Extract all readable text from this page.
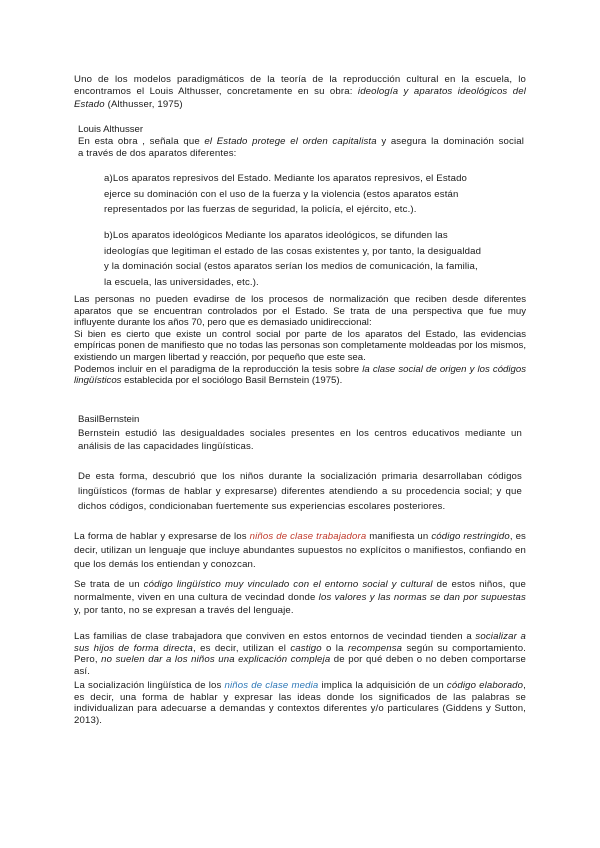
Uno de los modelos paradigmáticos de la teoría de la reproducción cultural en la escuela, lo
encontramos el Louis Althusser, concretamente en su obra: ideología y aparatos ideológicos del
Estado (Althusser, 1975)
Louis Althusser
En esta obra , señala que el Estado protege el orden capitalista y asegura la dominación social
a través de dos aparatos diferentes:
a)Los aparatos represivos del Estado. Mediante los aparatos represivos, el Estado
ejerce su dominación con el uso de la fuerza y la violencia (estos aparatos están
representados por las fuerzas de seguridad, la policía, el ejército, etc.).
b)Los aparatos ideológicos Mediante los aparatos ideológicos, se difunden las
ideologías que legitiman el estado de las cosas existentes y, por tanto, la desigualdad
y la dominación social (estos aparatos serían los medios de comunicación, la familia,
la escuela, las universidades, etc.).

Las personas no pueden evadirse de los procesos de normalización que reciben desde diferentes aparatos que se encuentran controlados por el Estado. Se trata de una perspectiva que fue muy influyente durante los años 70, pero que es demasiado unidireccional:

Si bien es cierto que existe un control social por parte de los aparatos del Estado, las evidencias empíricas ponen de manifiesto que no todas las personas son completamente moldeadas por los mismos, existiendo un margen libertad y reacción, por pequeño que este sea.

Podemos incluir en el paradigma de la reproducción la tesis sobre la clase social de origen y los códigos lingüísticos establecida por el sociólogo Basil Bernstein (1975).

BasilBernstein
Bernstein estudió las desigualdades sociales presentes en los centros educativos mediante un análisis de las capacidades lingüísticas.
De esta forma, descubrió que los niños durante la socialización primaria desarrollaban códigos lingüísticos (formas de hablar y expresarse) diferentes atendiendo a su procedencia social; y que dichos códigos, condicionaban fuertemente sus experiencias escolares posteriores.
La forma de hablar y expresarse de los niños de clase trabajadora manifiesta un código restringido, es decir, utilizan un lenguaje que incluye abundantes supuestos no explícitos o manifiestos, confiando en que los demás los entiendan y conozcan.
Se trata de un código lingüístico muy vinculado con el entorno social y cultural de estos niños, que normalmente, viven en una cultura de vecindad donde los valores y las normas se dan por supuestas y, por tanto, no se expresan a través del lenguaje.
Las familias de clase trabajadora que conviven en estos entornos de vecindad tienden a socializar a sus hijos de forma directa, es decir, utilizan el castigo o la recompensa según su comportamiento. Pero, no suelen dar a los niños una explicación compleja de por qué deben o no deben comportarse así.
La socialización lingüística de los niños de clase media implica la adquisición de un código elaborado, es decir, una forma de hablar y expresar las ideas donde los significados de las palabras se individualizan para adecuarse a demandas y contextos diferentes y/o particulares (Giddens y Sutton, 2013).
